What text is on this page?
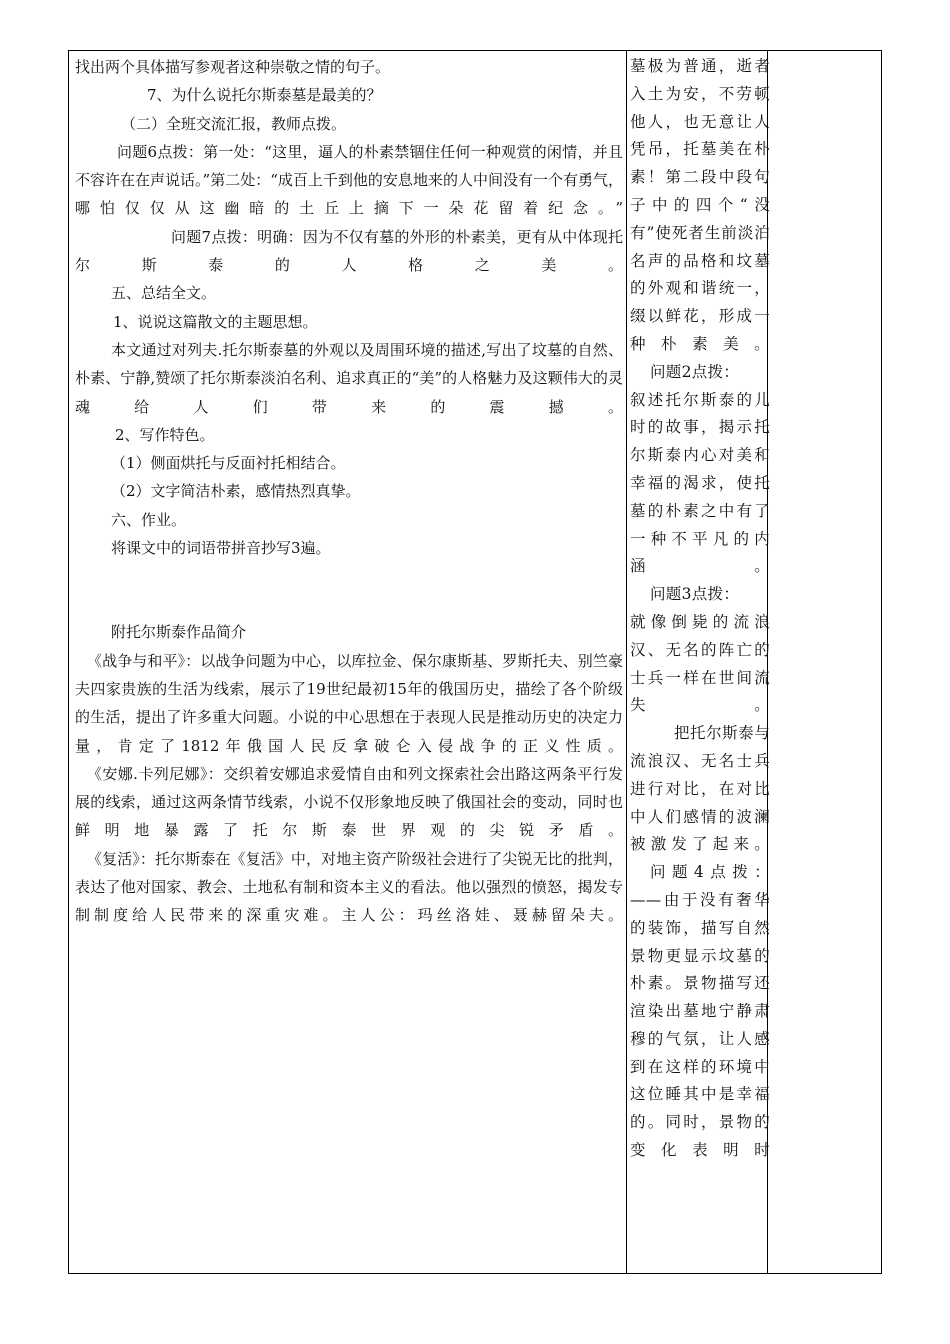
找出两个具体描写参观者这种崇敬之情的句子。

7、为什么说托尔斯泰墓是最美的？

（二）全班交流汇报，教师点拨。

问题6点拨：第一处：“这里，逼人的朴素禁锢住任何一种观赏的闲情，并且不容许在在声说话。”第二处：“成百上千到他的安息地来的人中间没有一个有勇气，哪怕仅仅从这幽暗的土丘上摘下一朵花留着纪念。”

问题7点拨：明确：因为不仅有墓的外形的朴素美，更有从中体现托尔斯泰的人格之美。

五、总结全文。

1、说说这篇散文的主题思想。

本文通过对列夫.托尔斯泰墓的外观以及周围环境的描述,写出了坟墓的自然、朴素、宁静,赞颂了托尔斯泰淡泊名利、追求真正的“美”的人格魅力及这颗伟大的灵魂给人们带来的震撼。

2、写作特色。

（1）侧面烘托与反面衬托相结合。

（2）文字简洁朴素，感情热烈真挚。

六、作业。

将课文中的词语带拼音抄写3遍。

附托尔斯泰作品简介

《战争与和平》：以战争问题为中心，以库拉金、保尔康斯基、罗斯托夫、别竺豪夫四家贵族的生活为线索，展示了19世纪最初15年的俄国历史，描绘了各个阶级的生活，提出了许多重大问题。小说的中心思想在于表现人民是推动历史的决定力量，肯定了1812年俄国人民反拿破仑入侵战争的正义性质。

《安娜.卡列尼娜》：交织着安娜追求爱情自由和列文探索社会出路这两条平行发展的线索，通过这两条情节线索，小说不仅形象地反映了俄国社会的变动，同时也鲜明地暴露了托尔斯泰世界观的尖锐矛盾。

《复活》：托尔斯泰在《复活》中，对地主资产阶级社会进行了尖锐无比的批判，表达了他对国家、教会、土地私有制和资本主义的看法。他以强烈的愤怒，揭发专制制度给人民带来的深重灾难。主人公：玛丝洛娃、聂赫留朵夫。

墓极为普通，逝者入土为安，不劳顿他人，也无意让人凭吊，托墓美在朴素！第二段中段句子中的四个“没有”使死者生前淡泊名声的品格和坟墓的外观和谐统一，缀以鲜花，形成一种朴素美。

问题2点拨：

叙述托尔斯泰的儿时的故事，揭示托尔斯泰内心对美和幸福的渴求，使托墓的朴素之中有了一种不平凡的内涵。

问题3点拨：

就像倒毙的流浪汉、无名的阵亡的士兵一样在世间流失。

把托尔斯泰与流浪汉、无名士兵进行对比，在对比中人们感情的波澜被激发了起来。

问题4点拨：

——由于没有奢华的装饰，描写自然景物更显示坟墓的朴素。景物描写还渲染出墓地宁静肃穆的气氛，让人感到在这样的环境中这位睡其中是幸福的。同时，景物的变化表明时
